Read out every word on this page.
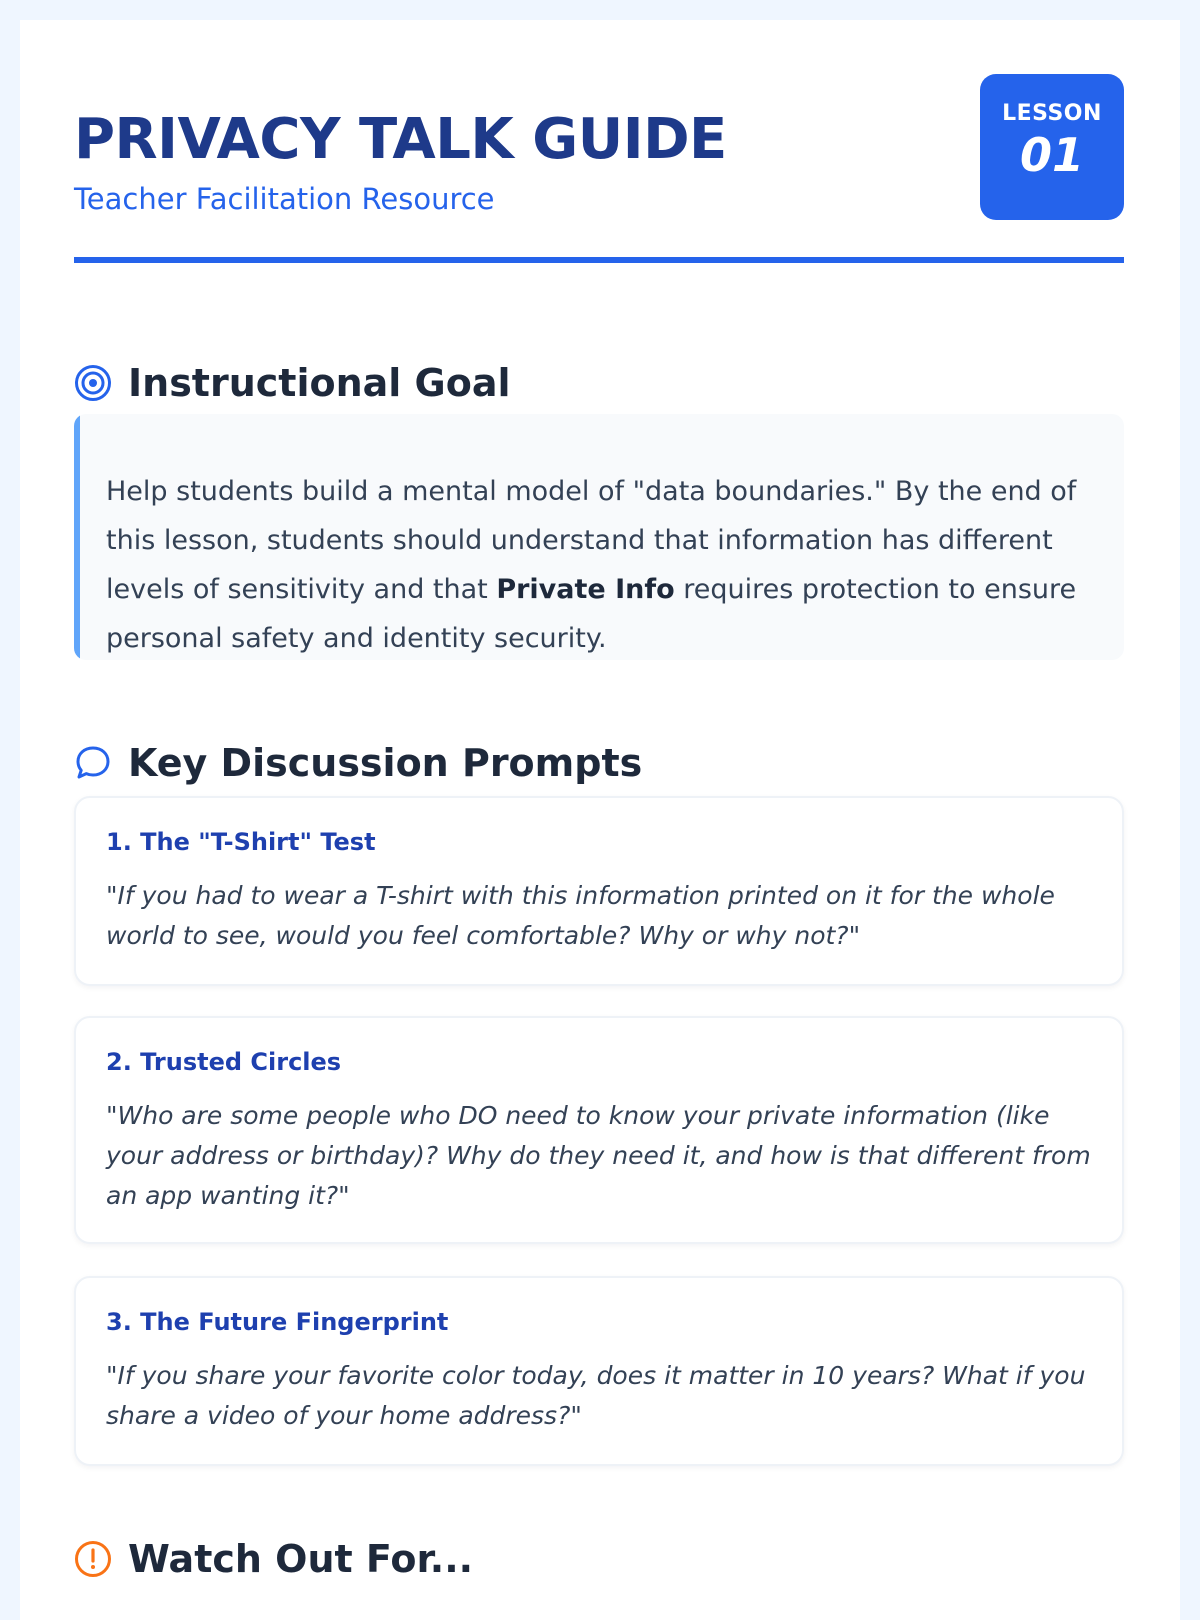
PRIVACY TALK GUIDE
Teacher Facilitation Resource
LESSON
01
Instructional Goal

Help students build a mental model of "data boundaries." By the end of this lesson, students should understand that information has different levels of sensitivity and that Private Info requires protection to ensure personal safety and identity security.

Key Discussion Prompts
1. The "T-Shirt" Test
"If you had to wear a T-shirt with this information printed on it for the whole world to see, would you feel comfortable? Why or why not?"
2. Trusted Circles
"Who are some people who DO need to know your private information (like your address or birthday)? Why do they need it, and how is that different from an app wanting it?"
3. The Future Fingerprint
"If you share your favorite color today, does it matter in 10 years? What if you share a video of your home address?"
Watch Out For...
